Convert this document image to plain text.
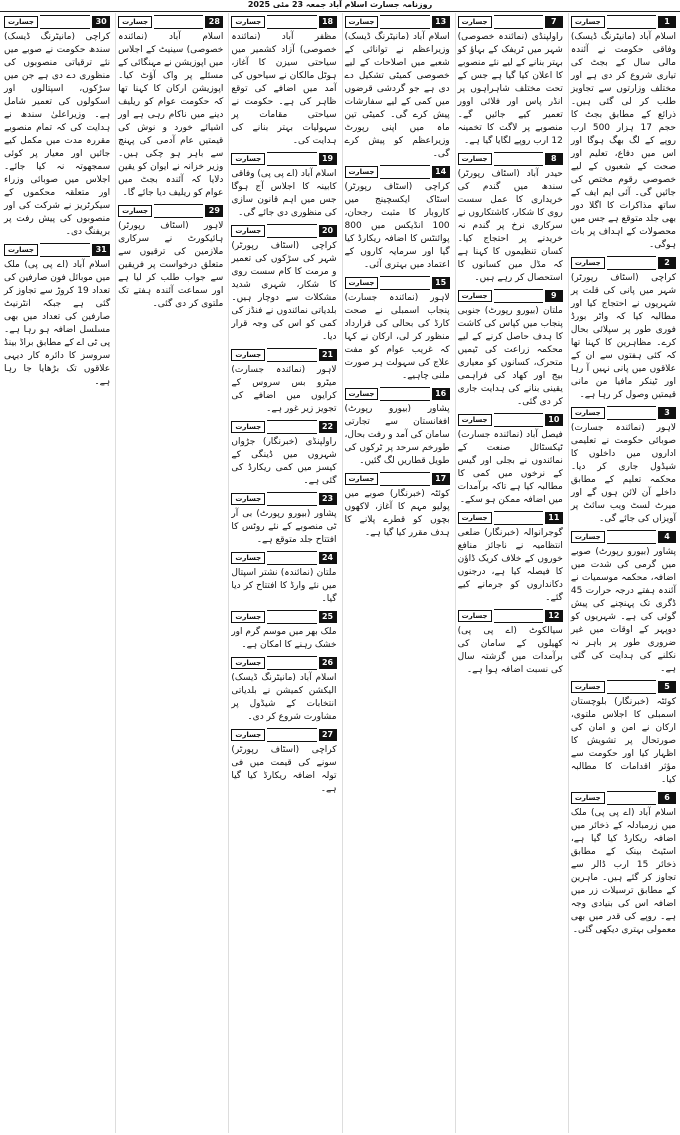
روزنامہ جسارت اسلام آباد جمعہ 23 مئی 2025
1
جسارت

اسلام آباد (مانیٹرنگ ڈیسک) وفاقی حکومت نے آئندہ مالی سال کے بجٹ کی تیاری شروع کر دی ہے اور مختلف وزارتوں سے تجاویز طلب کر لی گئی ہیں۔ ذرائع کے مطابق بجٹ کا حجم 17 ہزار 500 ارب روپے کے لگ بھگ ہوگا اور اس میں دفاع، تعلیم اور صحت کے شعبوں کے لیے خصوصی رقوم مختص کی جائیں گی۔ آئی ایم ایف کے ساتھ مذاکرات کا اگلا دور بھی جلد متوقع ہے جس میں محصولات کے اہداف پر بات ہوگی۔

2
جسارت

کراچی (اسٹاف رپورٹر) شہر میں پانی کی قلت پر شہریوں نے احتجاج کیا اور مطالبہ کیا کہ واٹر بورڈ فوری طور پر سپلائی بحال کرے۔ مظاہرین کا کہنا تھا کہ کئی ہفتوں سے ان کے علاقوں میں پانی نہیں آ رہا اور ٹینکر مافیا من مانی قیمتیں وصول کر رہا ہے۔

3
جسارت

لاہور (نمائندہ جسارت) صوبائی حکومت نے تعلیمی اداروں میں داخلوں کا شیڈول جاری کر دیا۔ محکمہ تعلیم کے مطابق داخلے آن لائن ہوں گے اور میرٹ لسٹ ویب سائٹ پر آویزاں کی جائے گی۔

4
جسارت

پشاور (بیورو رپورٹ) صوبے میں گرمی کی شدت میں اضافہ، محکمہ موسمیات نے آئندہ ہفتے درجہ حرارت 45 ڈگری تک پہنچنے کی پیش گوئی کی ہے۔ شہریوں کو دوپہر کے اوقات میں غیر ضروری طور پر باہر نہ نکلنے کی ہدایت کی گئی ہے۔

5
جسارت

کوئٹہ (خبرنگار) بلوچستان اسمبلی کا اجلاس ملتوی، ارکان نے امن و امان کی صورتحال پر تشویش کا اظہار کیا اور حکومت سے مؤثر اقدامات کا مطالبہ کیا۔

6
جسارت

اسلام آباد (اے پی پی) ملک میں زرمبادلہ کے ذخائر میں اضافہ ریکارڈ کیا گیا ہے، اسٹیٹ بینک کے مطابق ذخائر 15 ارب ڈالر سے تجاوز کر گئے ہیں۔ ماہرین کے مطابق ترسیلات زر میں اضافہ اس کی بنیادی وجہ ہے۔ روپے کی قدر میں بھی معمولی بہتری دیکھی گئی۔

7
جسارت

راولپنڈی (نمائندہ خصوصی) شہر میں ٹریفک کے بہاؤ کو بہتر بنانے کے لیے نئے منصوبے کا اعلان کیا گیا ہے جس کے تحت مختلف شاہراہوں پر انڈر پاس اور فلائی اوور تعمیر کیے جائیں گے۔ منصوبے پر لاگت کا تخمینہ 12 ارب روپے لگایا گیا ہے۔

8
جسارت

حیدر آباد (اسٹاف رپورٹر) سندھ میں گندم کی خریداری کا عمل سست روی کا شکار، کاشتکاروں نے سرکاری نرخ پر گندم نہ خریدنے پر احتجاج کیا۔ کسان تنظیموں کا کہنا ہے کہ مڈل مین کسانوں کا استحصال کر رہے ہیں۔

9
جسارت

ملتان (بیورو رپورٹ) جنوبی پنجاب میں کپاس کی کاشت کا ہدف حاصل کرنے کے لیے محکمہ زراعت کی ٹیمیں متحرک، کسانوں کو معیاری بیج اور کھاد کی فراہمی یقینی بنانے کی ہدایت جاری کر دی گئی۔

10
جسارت

فیصل آباد (نمائندہ جسارت) ٹیکسٹائل صنعت کے نمائندوں نے بجلی اور گیس کے نرخوں میں کمی کا مطالبہ کیا ہے تاکہ برآمدات میں اضافہ ممکن ہو سکے۔

11
جسارت

گوجرانوالہ (خبرنگار) ضلعی انتظامیہ نے ناجائز منافع خوروں کے خلاف کریک ڈاؤن کا فیصلہ کیا ہے، درجنوں دکانداروں کو جرمانے کیے گئے۔

12
جسارت

سیالکوٹ (اے پی پی) کھیلوں کے سامان کی برآمدات میں گزشتہ سال کی نسبت اضافہ ہوا ہے۔

13
جسارت

اسلام آباد (مانیٹرنگ ڈیسک) وزیراعظم نے توانائی کے شعبے میں اصلاحات کے لیے خصوصی کمیٹی تشکیل دے دی ہے جو گردشی قرضوں میں کمی کے لیے سفارشات پیش کرے گی۔ کمیٹی تین ماہ میں اپنی رپورٹ وزیراعظم کو پیش کرے گی۔

14
جسارت

کراچی (اسٹاف رپورٹر) اسٹاک ایکسچینج میں کاروبار کا مثبت رجحان، 100 انڈیکس میں 800 پوائنٹس کا اضافہ ریکارڈ کیا گیا اور سرمایہ کاروں کے اعتماد میں بہتری آئی۔

15
جسارت

لاہور (نمائندہ جسارت) پنجاب اسمبلی نے صحت کارڈ کی بحالی کی قرارداد منظور کر لی، ارکان نے کہا کہ غریب عوام کو مفت علاج کی سہولت ہر صورت ملنی چاہیے۔

16
جسارت

پشاور (بیورو رپورٹ) افغانستان سے تجارتی سامان کی آمد و رفت بحال، طورخم سرحد پر ٹرکوں کی طویل قطاریں لگ گئیں۔

17
جسارت

کوئٹہ (خبرنگار) صوبے میں پولیو مہم کا آغاز، لاکھوں بچوں کو قطرے پلانے کا ہدف مقرر کیا گیا ہے۔

18
جسارت

مظفر آباد (نمائندہ خصوصی) آزاد کشمیر میں سیاحتی سیزن کا آغاز، ہوٹل مالکان نے سیاحوں کی آمد میں اضافے کی توقع ظاہر کی ہے۔ حکومت نے سیاحتی مقامات پر سہولیات بہتر بنانے کی ہدایت کی۔

19
جسارت

اسلام آباد (اے پی پی) وفاقی کابینہ کا اجلاس آج ہوگا جس میں اہم قانون سازی کی منظوری دی جائے گی۔

20
جسارت

کراچی (اسٹاف رپورٹر) شہر کی سڑکوں کی تعمیر و مرمت کا کام سست روی کا شکار، شہری شدید مشکلات سے دوچار ہیں۔ بلدیاتی نمائندوں نے فنڈز کی کمی کو اس کی وجہ قرار دیا۔

21
جسارت

لاہور (نمائندہ جسارت) میٹرو بس سروس کے کرایوں میں اضافے کی تجویز زیر غور ہے۔

22
جسارت

راولپنڈی (خبرنگار) جڑواں شہروں میں ڈینگی کے کیسز میں کمی ریکارڈ کی گئی ہے۔

23
جسارت

پشاور (بیورو رپورٹ) بی آر ٹی منصوبے کے نئے روٹس کا افتتاح جلد متوقع ہے۔

24
جسارت

ملتان (نمائندہ) نشتر اسپتال میں نئے وارڈ کا افتتاح کر دیا گیا۔

25
جسارت

ملک بھر میں موسم گرم اور خشک رہنے کا امکان ہے۔

26
جسارت

اسلام آباد (مانیٹرنگ ڈیسک) الیکشن کمیشن نے بلدیاتی انتخابات کے شیڈول پر مشاورت شروع کر دی۔

27
جسارت

کراچی (اسٹاف رپورٹر) سونے کی قیمت میں فی تولہ اضافہ ریکارڈ کیا گیا ہے۔

28
جسارت

اسلام آباد (نمائندہ خصوصی) سینیٹ کے اجلاس میں اپوزیشن نے مہنگائی کے مسئلے پر واک آؤٹ کیا۔ اپوزیشن ارکان کا کہنا تھا کہ حکومت عوام کو ریلیف دینے میں ناکام رہی ہے اور اشیائے خورد و نوش کی قیمتیں عام آدمی کی پہنچ سے باہر ہو چکی ہیں۔ وزیر خزانہ نے ایوان کو یقین دلایا کہ آئندہ بجٹ میں عوام کو ریلیف دیا جائے گا۔

29
جسارت

لاہور (اسٹاف رپورٹر) ہائیکورٹ نے سرکاری ملازمین کی ترقیوں سے متعلق درخواست پر فریقین سے جواب طلب کر لیا ہے اور سماعت آئندہ ہفتے تک ملتوی کر دی گئی۔

30
جسارت

کراچی (مانیٹرنگ ڈیسک) سندھ حکومت نے صوبے میں نئے ترقیاتی منصوبوں کی منظوری دے دی ہے جن میں سڑکوں، اسپتالوں اور اسکولوں کی تعمیر شامل ہے۔ وزیراعلیٰ سندھ نے ہدایت کی کہ تمام منصوبے مقررہ مدت میں مکمل کیے جائیں اور معیار پر کوئی سمجھوتہ نہ کیا جائے۔ اجلاس میں صوبائی وزراء اور متعلقہ محکموں کے سیکرٹریز نے شرکت کی اور منصوبوں کی پیش رفت پر بریفنگ دی۔

31
جسارت

اسلام آباد (اے پی پی) ملک میں موبائل فون صارفین کی تعداد 19 کروڑ سے تجاوز کر گئی ہے جبکہ انٹرنیٹ صارفین کی تعداد میں بھی مسلسل اضافہ ہو رہا ہے۔ پی ٹی اے کے مطابق براڈ بینڈ سروسز کا دائرہ کار دیہی علاقوں تک بڑھایا جا رہا ہے۔
